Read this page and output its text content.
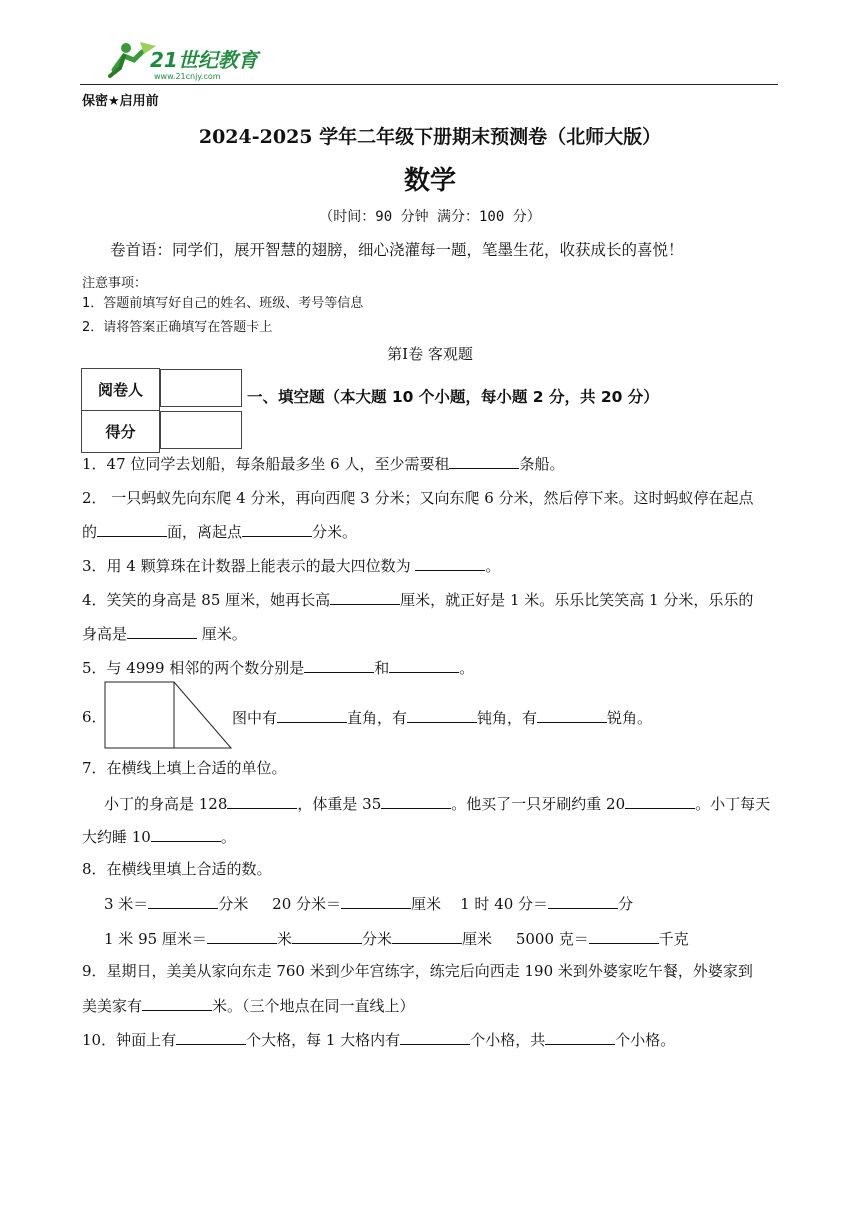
21世纪教育
www.21cnjy.com
保密★启用前
2024-2025 学年二年级下册期末预测卷（北师大版）
数学
（时间：90 分钟 满分：100 分）
卷首语：同学们，展开智慧的翅膀，细心浇灌每一题，笔墨生花，收获成长的喜悦！
注意事项：
1．答题前填写好自己的姓名、班级、考号等信息
2．请将答案正确填写在答题卡上
第Ⅰ卷 客观题
阅卷人	
得分	
一、填空题（本大题 10 个小题，每小题 2 分，共 20 分）
1．47 位同学去划船，每条船最多坐 6 人，至少需要租	条船。
2． 一只蚂蚁先向东爬 4 分米，再向西爬 3 分米；又向东爬 6 分米，然后停下来。这时蚂蚁停在起点
的	面，离起点	分米。
3．用 4 颗算珠在计数器上能表示的最大四位数为	。
4．笑笑的身高是 85 厘米，她再长高	厘米，就正好是 1 米。乐乐比笑笑高 1 分米，乐乐的
身高是	厘米。
5．与 4999 相邻的两个数分别是	和	。
6．	图中有	直角，有	钝角，有	锐角。
7．在横线上填上合适的单位。
小丁的身高是 128	，体重是 35	。他买了一只牙刷约重 20	。小丁每天
大约睡 10	。
8．在横线里填上合适的数。
3 米＝	分米 20 分米＝	厘米 1 时 40 分＝	分
1 米 95 厘米＝	米	分米	厘米 5000 克＝	千克
9．星期日，美美从家向东走 760 米到少年宫练字，练完后向西走 190 米到外婆家吃午餐，外婆家到
美美家有	米。（三个地点在同一直线上）
10．钟面上有	个大格，每 1 大格内有	个小格，共	个小格。
